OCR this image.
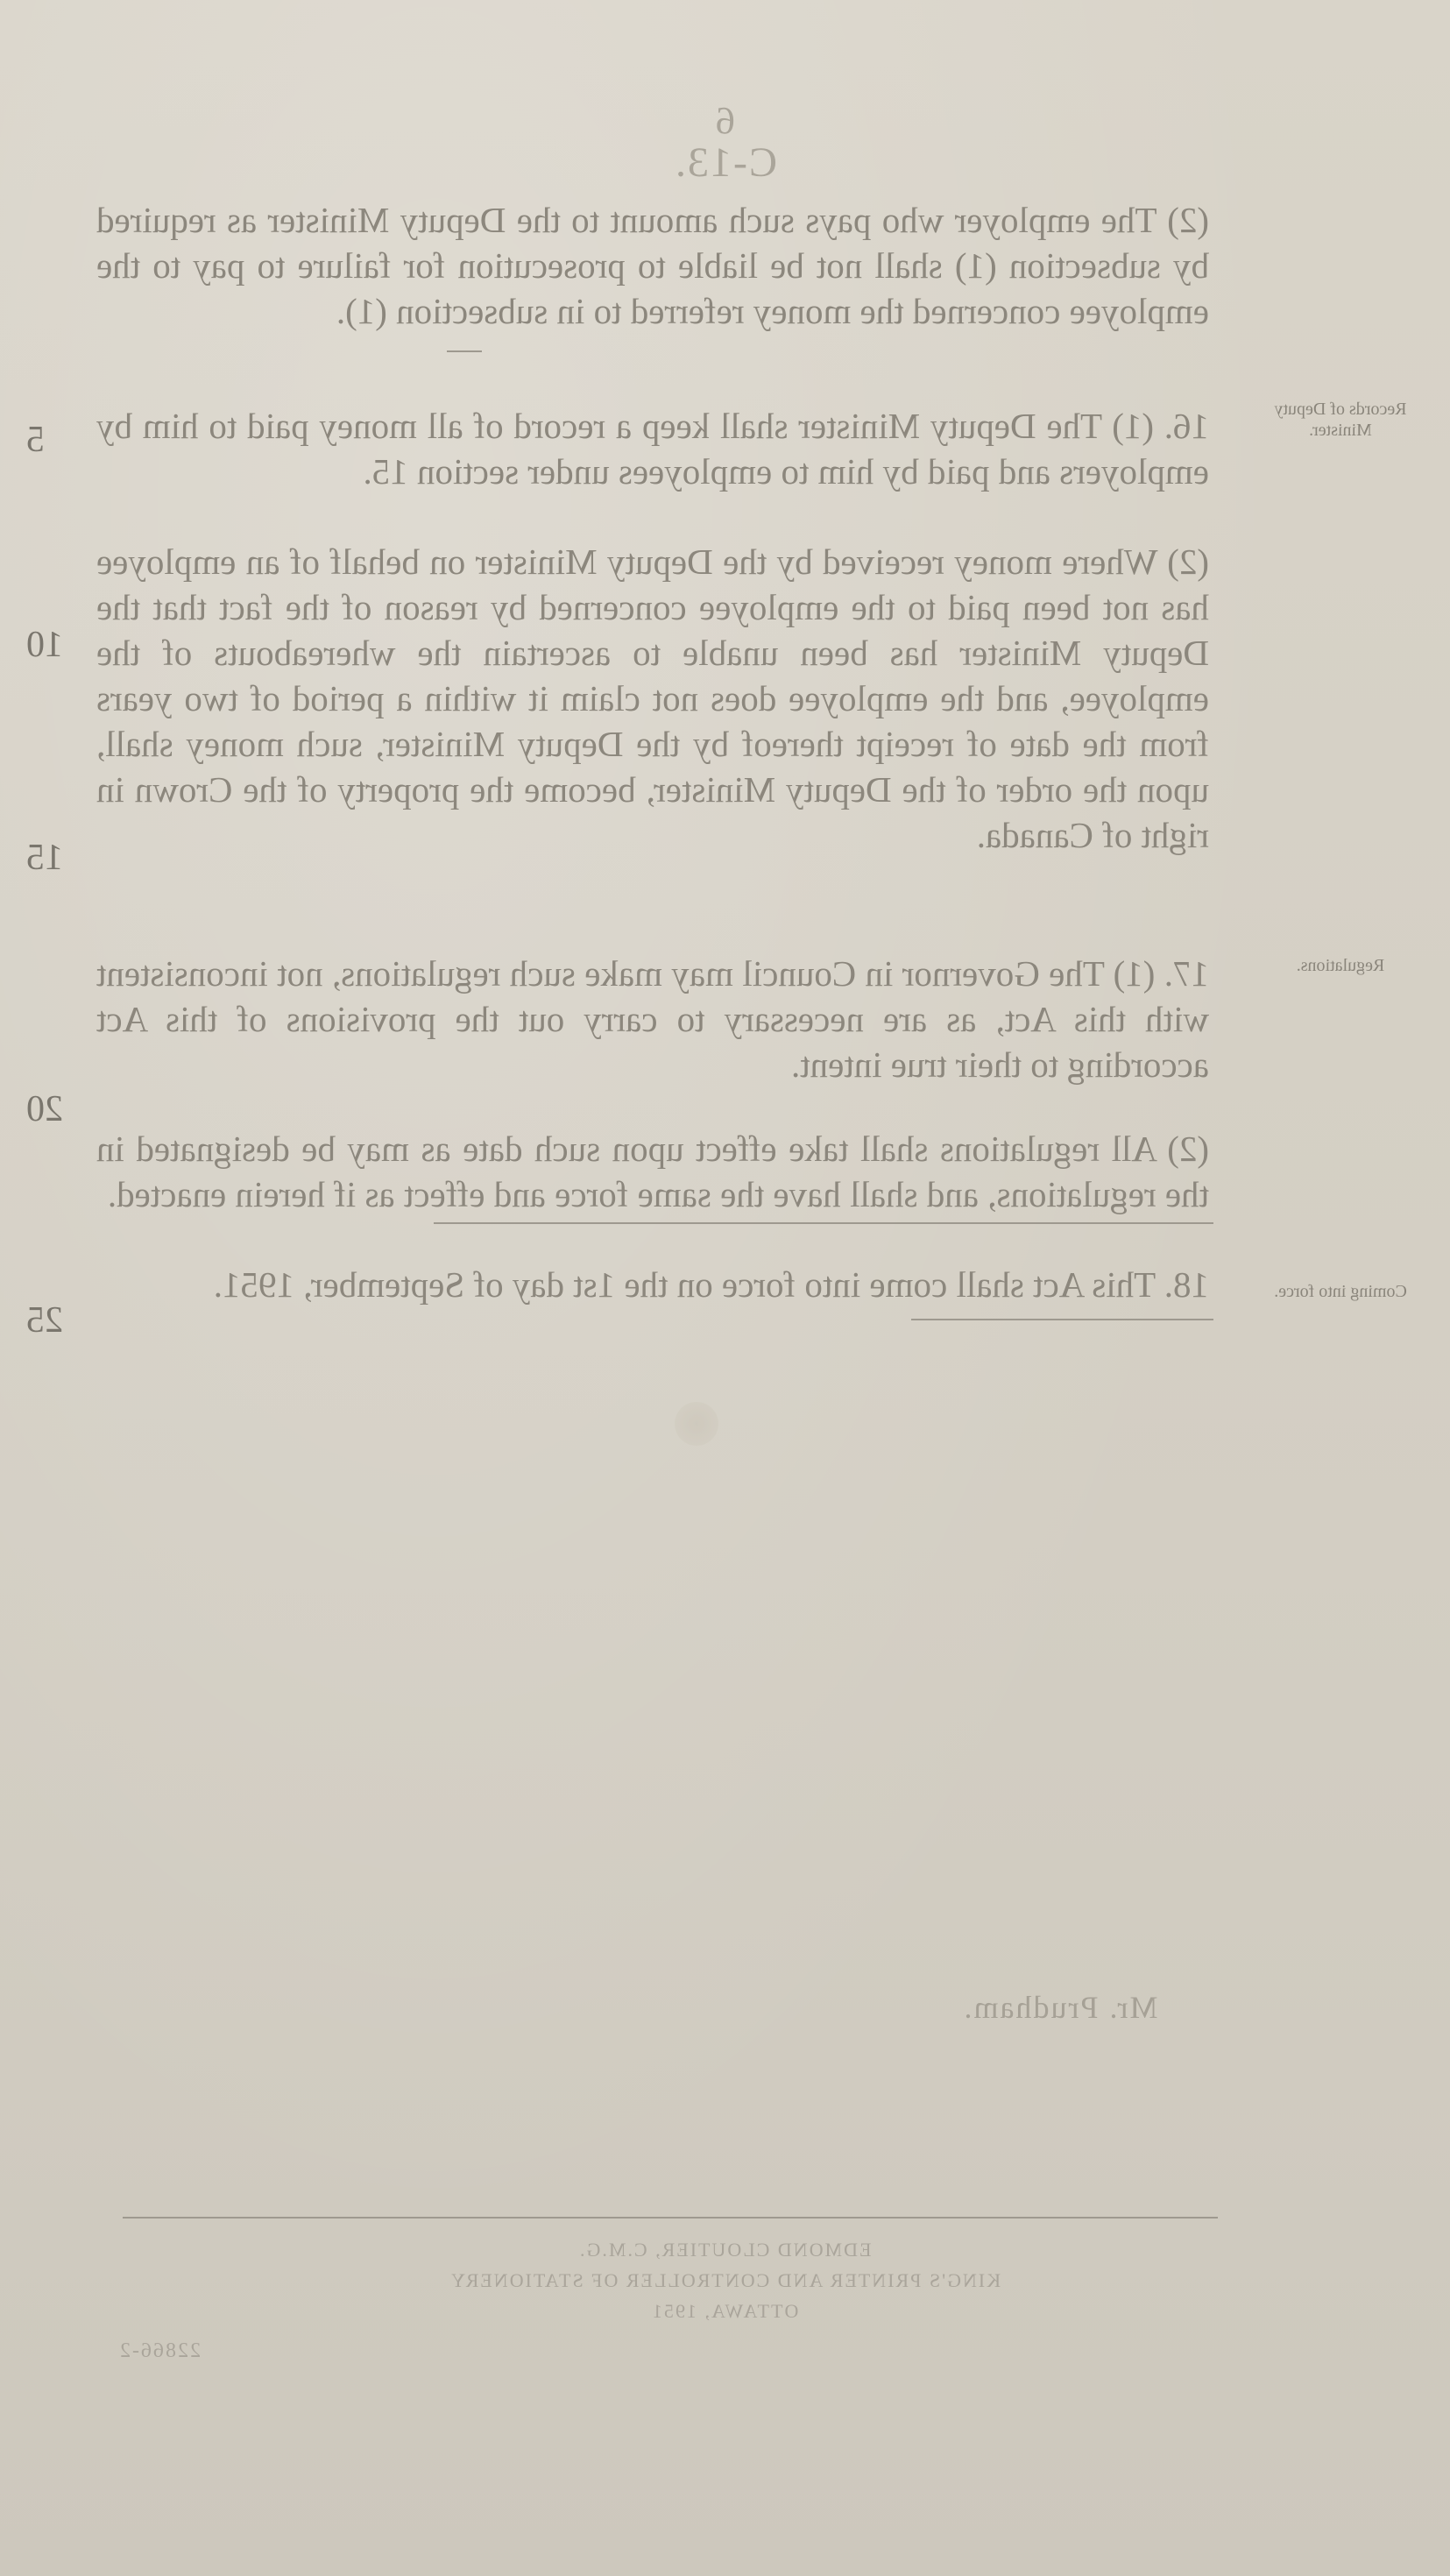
6
C-13.
(2) The employer who pays such amount to the Deputy Minister as required by subsection (1) shall not be liable to prosecution for failure to pay to the employee concerned the money referred to in subsection (1).
16. (1) The Deputy Minister shall keep a record of all money paid to him by employers and paid by him to employees under section 15.
Records of Deputy Minister.
(2) Where money received by the Deputy Minister on behalf of an employee has not been paid to the employee concerned by reason of the fact that the Deputy Minister has been unable to ascertain the whereabouts of the employee, and the employee does not claim it within a period of two years from the date of receipt thereof by the Deputy Minister, such money shall, upon the order of the Deputy Minister, become the property of the Crown in right of Canada.
17. (1) The Governor in Council may make such regulations, not inconsistent with this Act, as are necessary to carry out the provisions of this Act according to their true intent.
Regulations.
(2) All regulations shall take effect upon such date as may be designated in the regulations, and shall have the same force and effect as if herein enacted.
18. This Act shall come into force on the 1st day of September, 1951.	Coming into force.
5
10
15
20
25
Mr. Prudham.
EDMOND CLOUTIER, C.M.G.
KING'S PRINTER AND CONTROLLER OF STATIONERY
OTTAWA, 1951
22866-2
